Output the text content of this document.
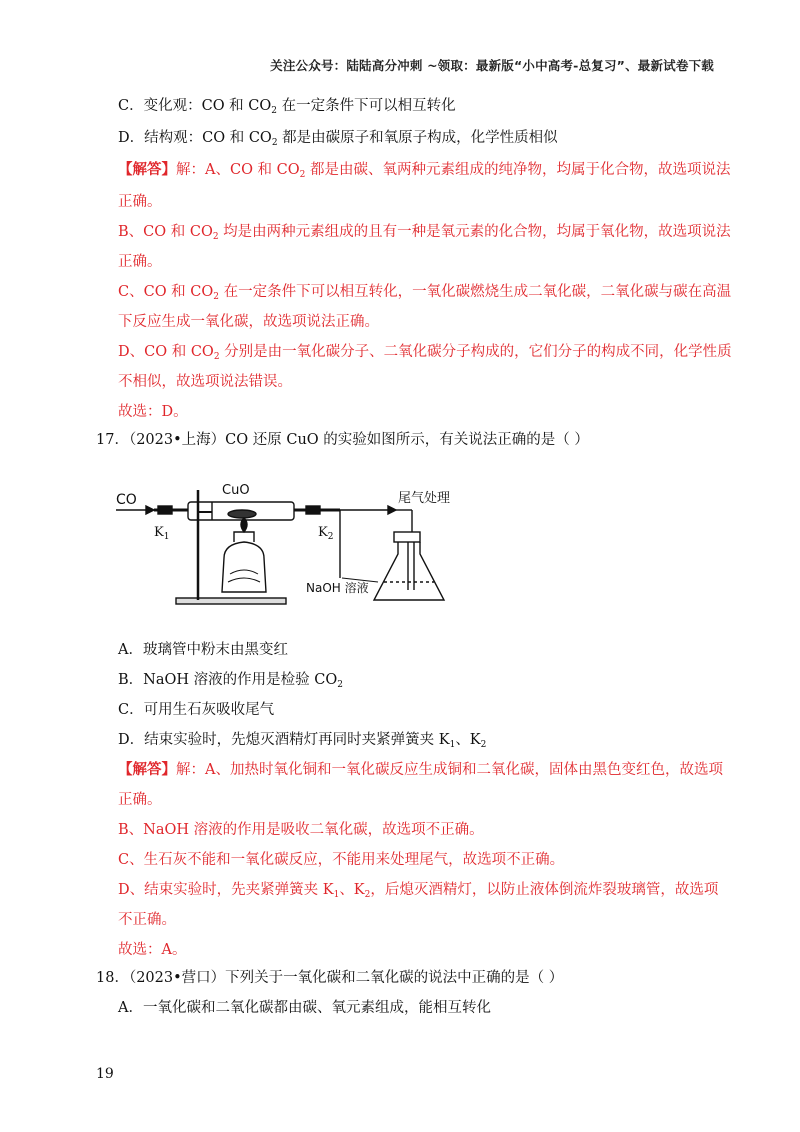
关注公众号：陆陆高分冲刺 ~领取：最新版“小中高考-总复习”、最新试卷下载
C．变化观：CO 和 $CO_2$ 在一定条件下可以相互转化
D．结构观：CO 和 $CO_2$ 都是由碳原子和氧原子构成，化学性质相似
【解答】解：A、CO 和 $CO_2$ 都是由碳、氧两种元素组成的纯净物，均属于化合物，故选项说法
正确。
B、CO 和 $CO_2$ 均是由两种元素组成的且有一种是氧元素的化合物，均属于氧化物，故选项说法
正确。
C、CO 和 $CO_2$ 在一定条件下可以相互转化，一氧化碳燃烧生成二氧化碳，二氧化碳与碳在高温
下反应生成一氧化碳，故选项说法正确。
D、CO 和 $CO_2$ 分别是由一氧化碳分子、二氧化碳分子构成的，它们分子的构成不同，化学性质
不相似，故选项说法错误。
故选：D。
17．（2023•上海）CO 还原 CuO 的实验如图所示，有关说法正确的是（ ）
CO
CuO
$K_1$	$K_2$
尾气处理
NaOH 溶液
A．玻璃管中粉末由黑变红
B．NaOH 溶液的作用是检验 $CO_2$
C．可用生石灰吸收尾气
D．结束实验时，先熄灭酒精灯再同时夹紧弹簧夹 $K_1$、$K_2$
【解答】解：A、加热时氧化铜和一氧化碳反应生成铜和二氧化碳，固体由黑色变红色，故选项
正确。
B、NaOH 溶液的作用是吸收二氧化碳，故选项不正确。
C、生石灰不能和一氧化碳反应，不能用来处理尾气，故选项不正确。
D、结束实验时，先夹紧弹簧夹 $K_1$、$K_2$，后熄灭酒精灯，以防止液体倒流炸裂玻璃管，故选项
不正确。
故选：A。
18．（2023•营口）下列关于一氧化碳和二氧化碳的说法中正确的是（ ）
A．一氧化碳和二氧化碳都由碳、氧元素组成，能相互转化
19
